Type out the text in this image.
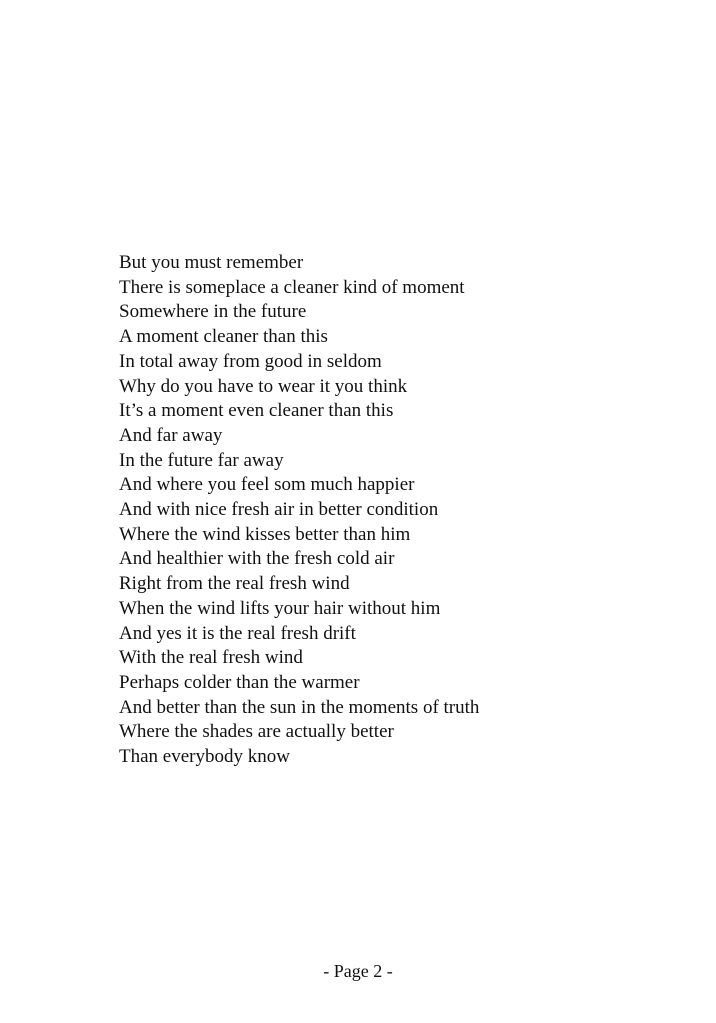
But you must remember
There is someplace a cleaner kind of moment
Somewhere in the future
A moment cleaner than this
In total away from good in seldom
Why do you have to wear it you think
It’s a moment even cleaner than this
And far away
In the future far away
And where you feel som much happier
And with nice fresh air in better condition
Where the wind kisses better than him
And healthier with the fresh cold air
Right from the real fresh wind
When the wind lifts your hair without him
And yes it is the real fresh drift
With the real fresh wind
Perhaps colder than the warmer
And better than the sun in the moments of truth
Where the shades are actually better
Than everybody know
- Page 2 -
